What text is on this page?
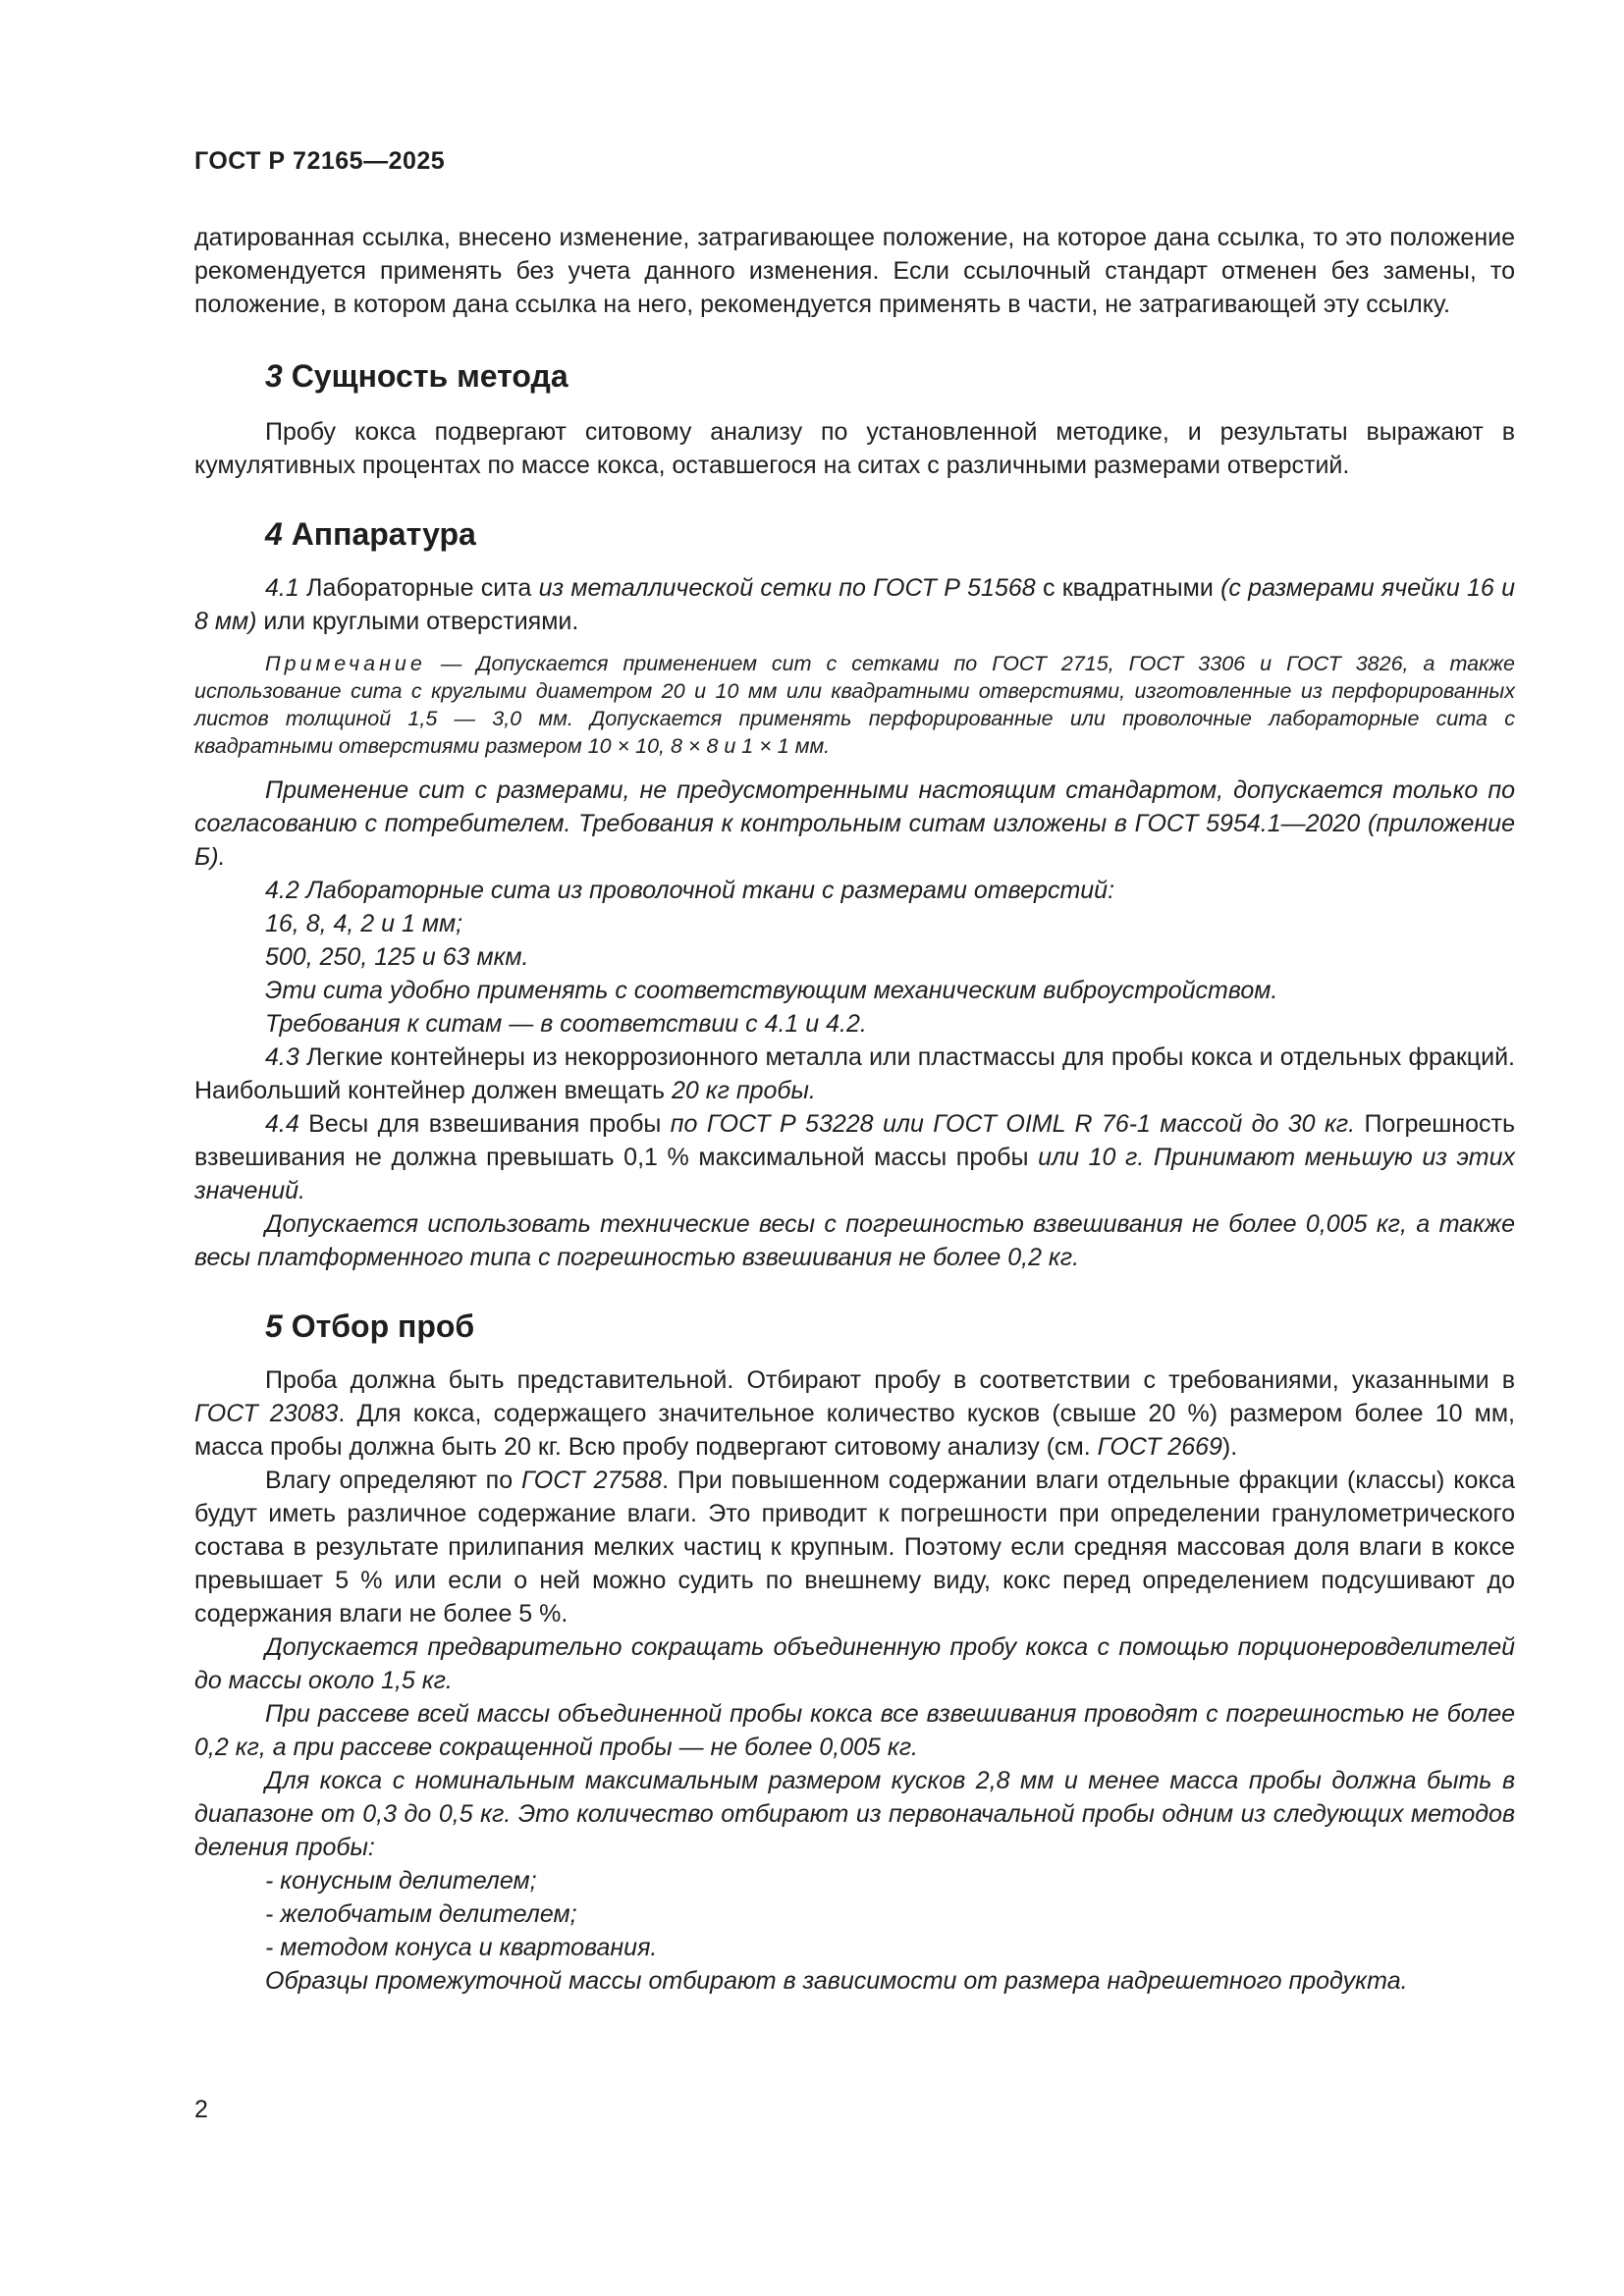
ГОСТ Р 72165—2025

датированная ссылка, внесено изменение, затрагивающее положение, на которое дана ссылка, то это положение рекомендуется применять без учета данного изменения. Если ссылочный стандарт отменен без замены, то положение, в котором дана ссылка на него, рекомендуется применять в части, не затрагивающей эту ссылку.

3 Сущность метода

Пробу кокса подвергают ситовому анализу по установленной методике, и результаты выражают в кумулятивных процентах по массе кокса, оставшегося на ситах с различными размерами отверстий.

4 Аппаратура

4.1 Лабораторные сита из металлической сетки по ГОСТ Р 51568 с квадратными (с размерами ячейки 16 и 8 мм) или круглыми отверстиями.

Примечание — Допускается применением сит с сетками по ГОСТ 2715, ГОСТ 3306 и ГОСТ 3826, а также использование сита с круглыми диаметром 20 и 10 мм или квадратными отверстиями, изготовленные из перфорированных листов толщиной 1,5 — 3,0 мм. Допускается применять перфорированные или проволочные лабораторные сита с квадратными отверстиями размером 10 × 10, 8 × 8 и 1 × 1 мм.

Применение сит с размерами, не предусмотренными настоящим стандартом, допускается только по согласованию с потребителем. Требования к контрольным ситам изложены в ГОСТ 5954.1—2020 (приложение Б).

4.2 Лабораторные сита из проволочной ткани с размерами отверстий:

16, 8, 4, 2 и 1 мм;

500, 250, 125 и 63 мкм.

Эти сита удобно применять с соответствующим механическим виброустройством.

Требования к ситам — в соответствии с 4.1 и 4.2.

4.3 Легкие контейнеры из некоррозионного металла или пластмассы для пробы кокса и отдельных фракций. Наибольший контейнер должен вмещать 20 кг пробы.

4.4 Весы для взвешивания пробы по ГОСТ Р 53228 или ГОСТ OIML R 76-1 массой до 30 кг. Погрешность взвешивания не должна превышать 0,1 % максимальной массы пробы или 10 г. Принимают меньшую из этих значений.

Допускается использовать технические весы с погрешностью взвешивания не более 0,005 кг, а также весы платформенного типа с погрешностью взвешивания не более 0,2 кг.

5 Отбор проб

Проба должна быть представительной. Отбирают пробу в соответствии с требованиями, указанными в ГОСТ 23083. Для кокса, содержащего значительное количество кусков (свыше 20 %) размером более 10 мм, масса пробы должна быть 20 кг. Всю пробу подвергают ситовому анализу (см. ГОСТ 2669).

Влагу определяют по ГОСТ 27588. При повышенном содержании влаги отдельные фракции (классы) кокса будут иметь различное содержание влаги. Это приводит к погрешности при определении гранулометрического состава в результате прилипания мелких частиц к крупным. Поэтому если средняя массовая доля влаги в коксе превышает 5 % или если о ней можно судить по внешнему виду, кокс перед определением подсушивают до содержания влаги не более 5 %.

Допускается предварительно сокращать объединенную пробу кокса с помощью порционеровделителей до массы около 1,5 кг.

При рассеве всей массы объединенной пробы кокса все взвешивания проводят с погрешностью не более 0,2 кг, а при рассеве сокращенной пробы — не более 0,005 кг.

Для кокса с номинальным максимальным размером кусков 2,8 мм и менее масса пробы должна быть в диапазоне от 0,3 до 0,5 кг. Это количество отбирают из первоначальной пробы одним из следующих методов деления пробы:

- конусным делителем;

- желобчатым делителем;

- методом конуса и квартования.

Образцы промежуточной массы отбирают в зависимости от размера надрешетного продукта.

2
